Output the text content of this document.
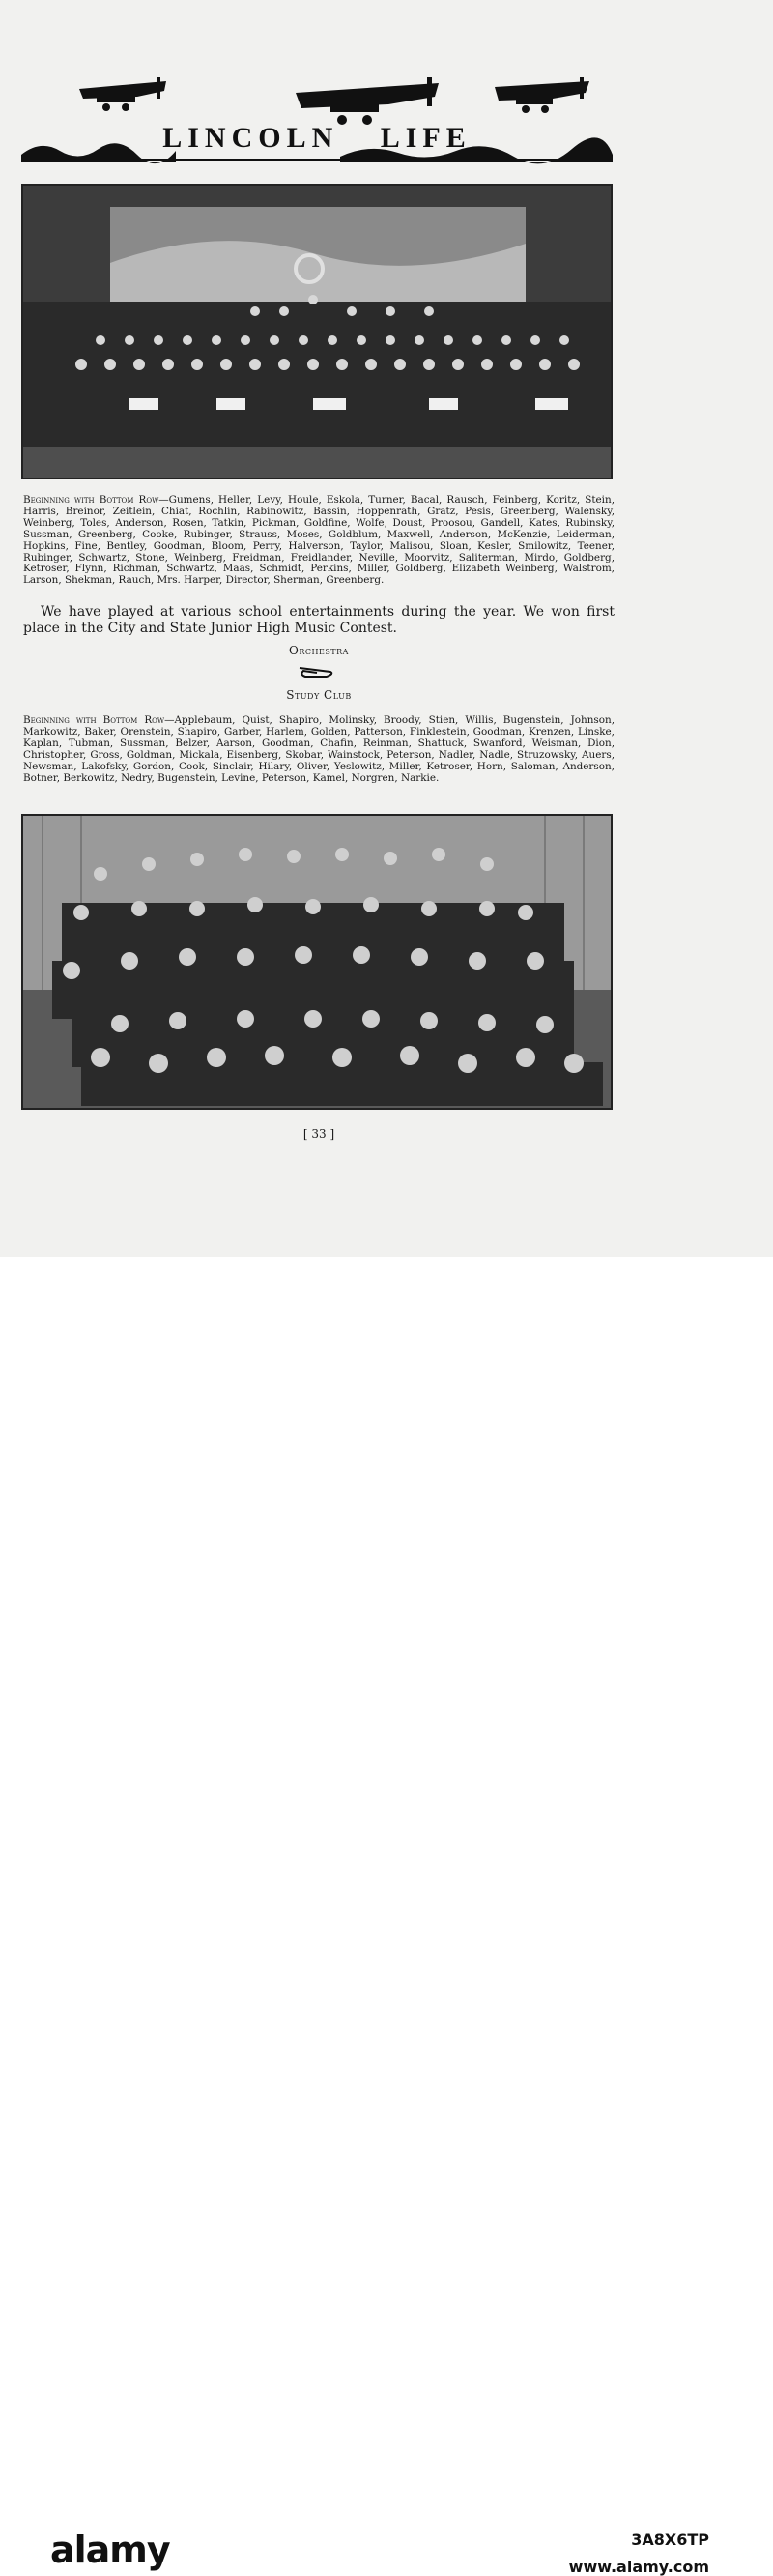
LINCOLN LIFE
Beginning with Bottom Row—Gumens, Heller, Levy, Houle, Eskola, Turner, Bacal, Rausch, Feinberg, Koritz, Stein, Harris, Breinor, Zeitlein, Chiat, Rochlin, Rabinowitz, Bassin, Hoppenrath, Gratz, Pesis, Greenberg, Walensky, Weinberg, Toles, Anderson, Rosen, Tatkin, Pickman, Goldfine, Wolfe, Doust, Proosou, Gandell, Kates, Rubinsky, Sussman, Greenberg, Cooke, Rubinger, Strauss, Moses, Goldblum, Maxwell, Anderson, McKenzie, Leiderman, Hopkins, Fine, Bentley, Goodman, Bloom, Perry, Halverson, Taylor, Malisou, Sloan, Kesler, Smilowitz, Teener, Rubinger, Schwartz, Stone, Weinberg, Freidman, Freidlander, Neville, Moorvitz, Saliterman, Mirdo, Goldberg, Ketroser, Flynn, Richman, Schwartz, Maas, Schmidt, Perkins, Miller, Goldberg, Elizabeth Weinberg, Walstrom, Larson, Shekman, Rauch, Mrs. Harper, Director, Sherman, Greenberg.
We have played at various school entertainments during the year. We won first place in the City and State Junior High Music Contest.
Orchestra
Study Club
Beginning with Bottom Row—Applebaum, Quist, Shapiro, Molinsky, Broody, Stien, Willis, Bugenstein, Johnson, Markowitz, Baker, Orenstein, Shapiro, Garber, Harlem, Golden, Patterson, Finklestein, Goodman, Krenzen, Linske, Kaplan, Tubman, Sussman, Belzer, Aarson, Goodman, Chafin, Reinman, Shattuck, Swanford, Weisman, Dion, Christopher, Gross, Goldman, Mickala, Eisenberg, Skobar, Wainstock, Peterson, Nadler, Nadle, Struzowsky, Auers, Newsman, Lakofsky, Gordon, Cook, Sinclair, Hilary, Oliver, Yeslowitz, Miller, Ketroser, Horn, Saloman, Anderson, Botner, Berkowitz, Nedry, Bugenstein, Levine, Peterson, Kamel, Norgren, Narkie.
[ 33 ]
alamy	3A8X6TP
www.alamy.com
